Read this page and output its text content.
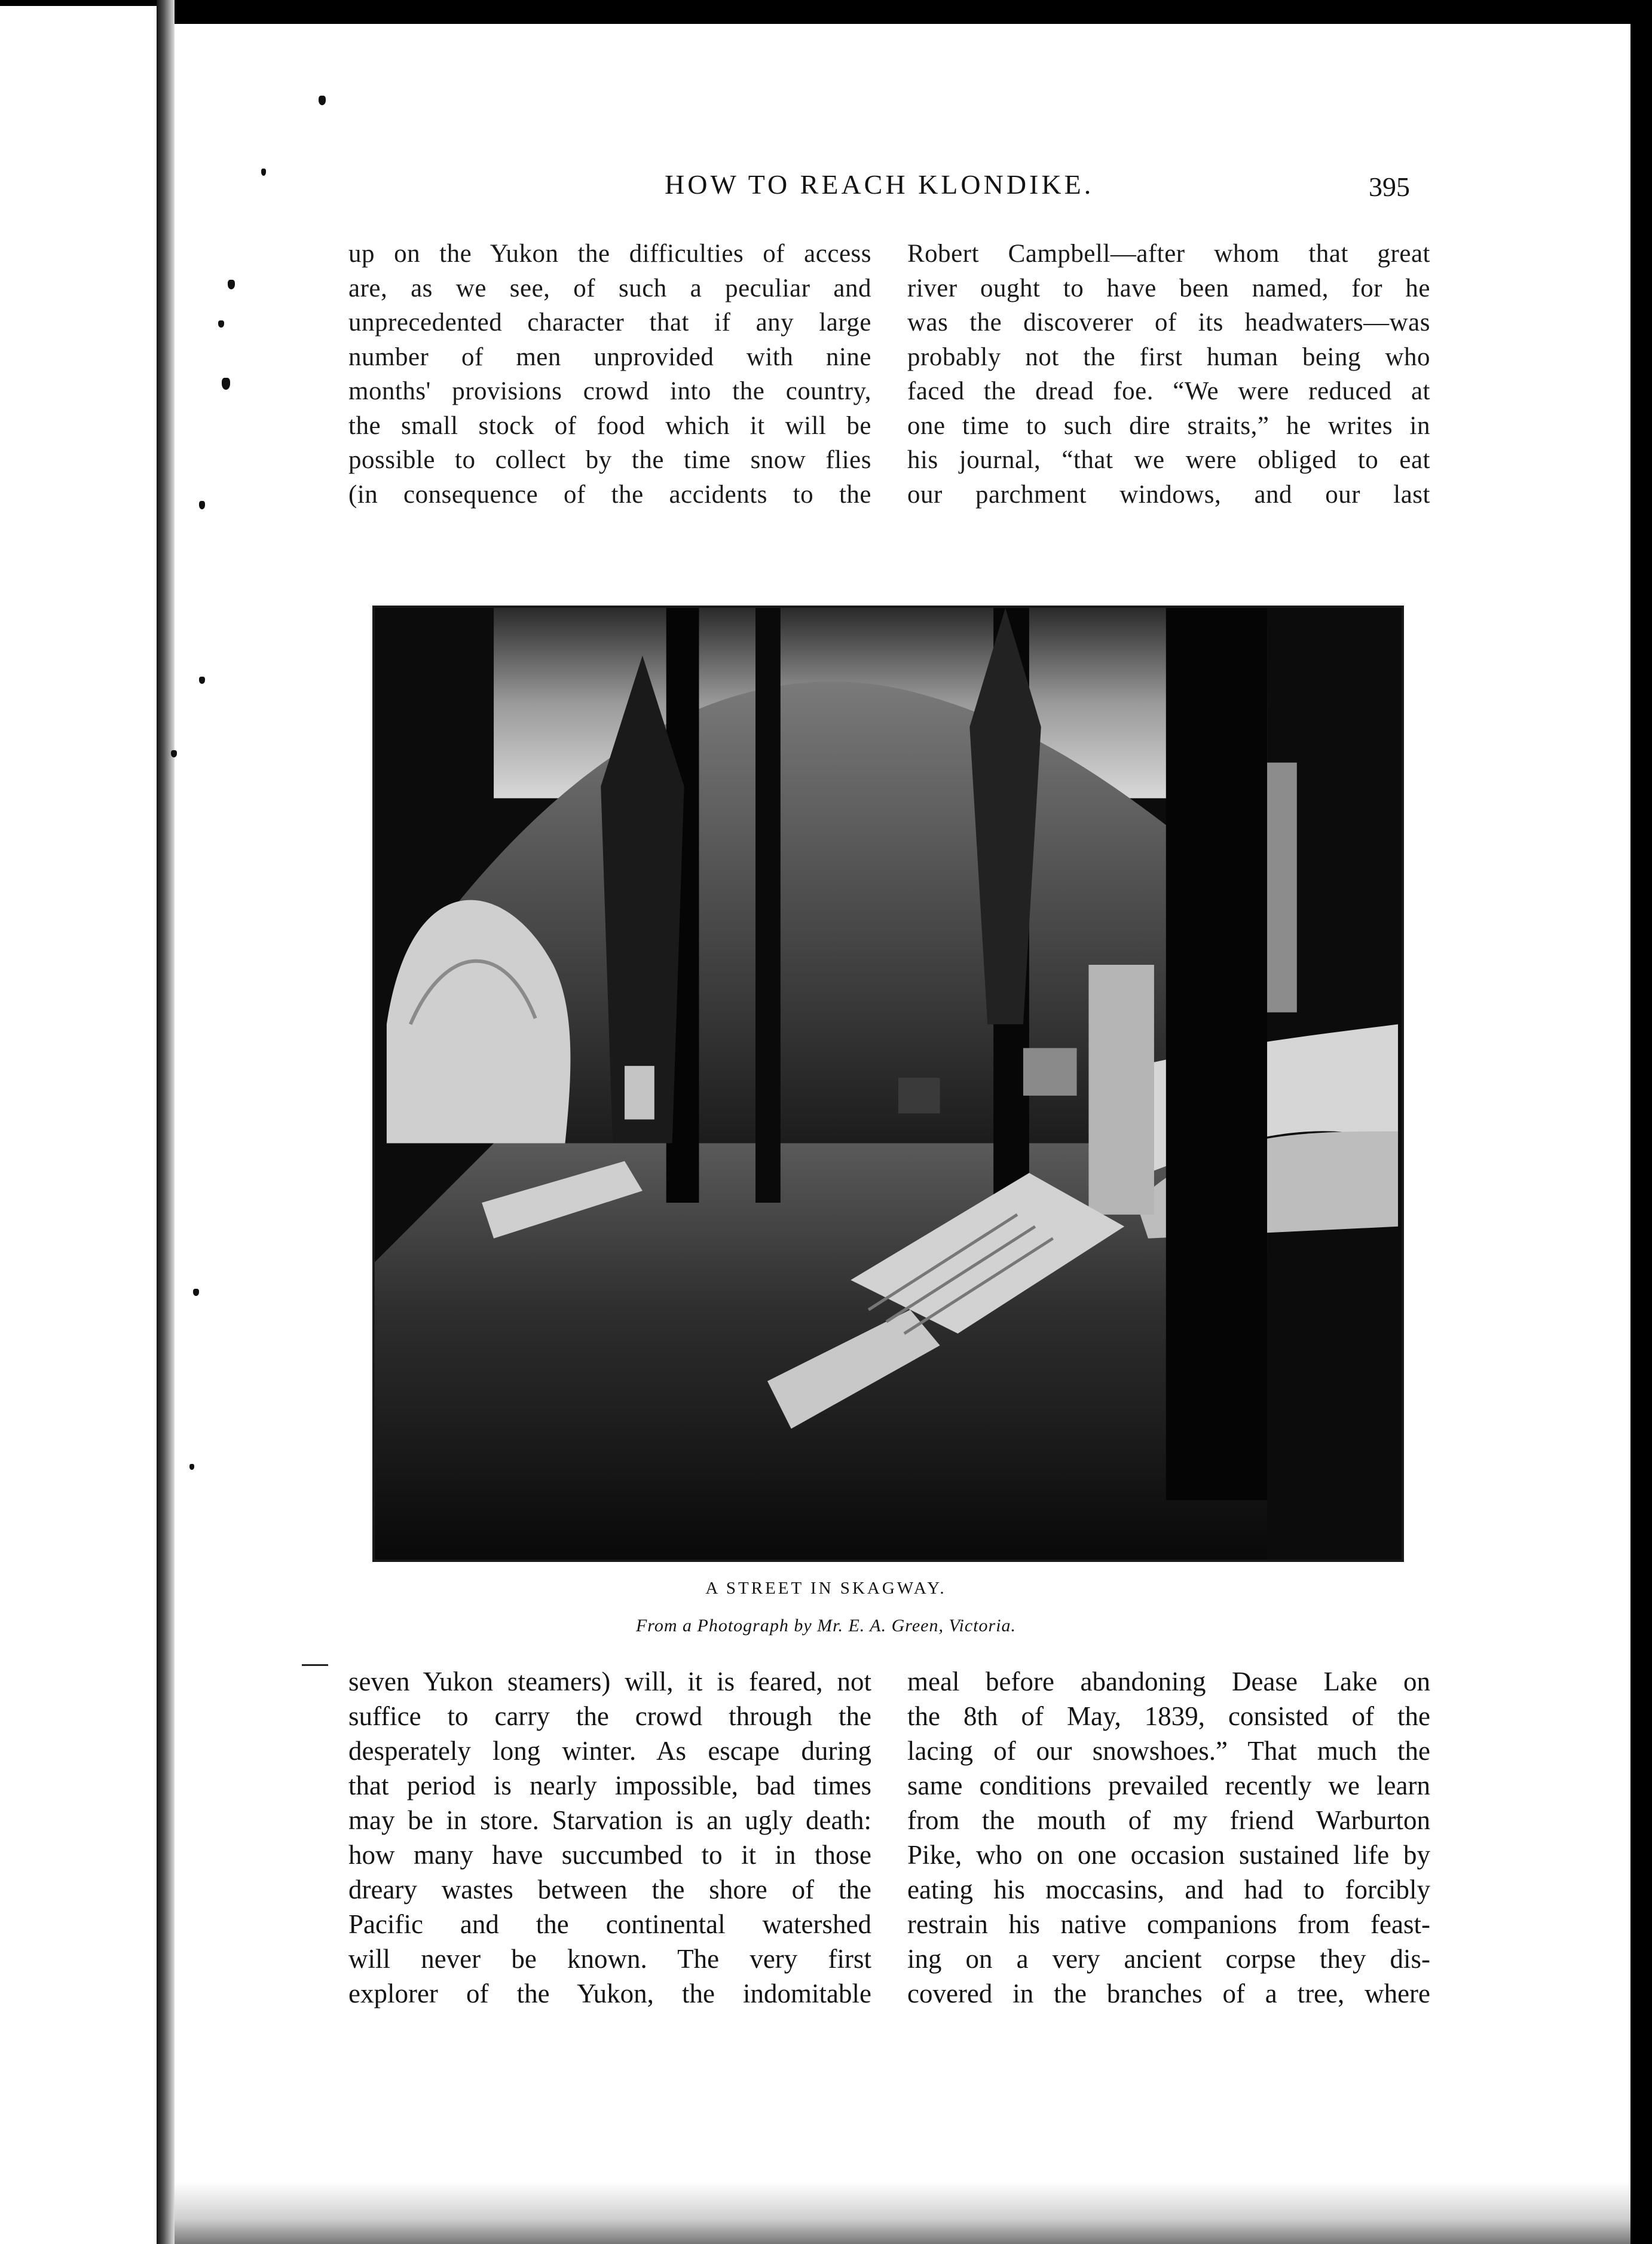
HOW TO REACH KLONDIKE.	395
up on the Yukon the difficulties of access
are, as we see, of such a peculiar and
unprecedented character that if any large
number of men unprovided with nine
months' provisions crowd into the country,
the small stock of food which it will be
possible to collect by the time snow flies
(in consequence of the accidents to the
Robert Campbell—after whom that great
river ought to have been named, for he
was the discoverer of its headwaters—was
probably not the first human being who
faced the dread foe. “We were reduced at
one time to such dire straits,” he writes in
his journal, “that we were obliged to eat
our parchment windows, and our last
A STREET IN SKAGWAY.
From a Photograph by Mr. E. A. Green, Victoria.
seven Yukon steamers) will, it is feared, not
suffice to carry the crowd through the
desperately long winter. As escape during
that period is nearly impossible, bad times
may be in store. Starvation is an ugly death:
how many have succumbed to it in those
dreary wastes between the shore of the
Pacific and the continental watershed
will never be known. The very first
explorer of the Yukon, the indomitable
meal before abandoning Dease Lake on
the 8th of May, 1839, consisted of the
lacing of our snowshoes.” That much the
same conditions prevailed recently we learn
from the mouth of my friend Warburton
Pike, who on one occasion sustained life by
eating his moccasins, and had to forcibly
restrain his native companions from feast-
ing on a very ancient corpse they dis-
covered in the branches of a tree, where
